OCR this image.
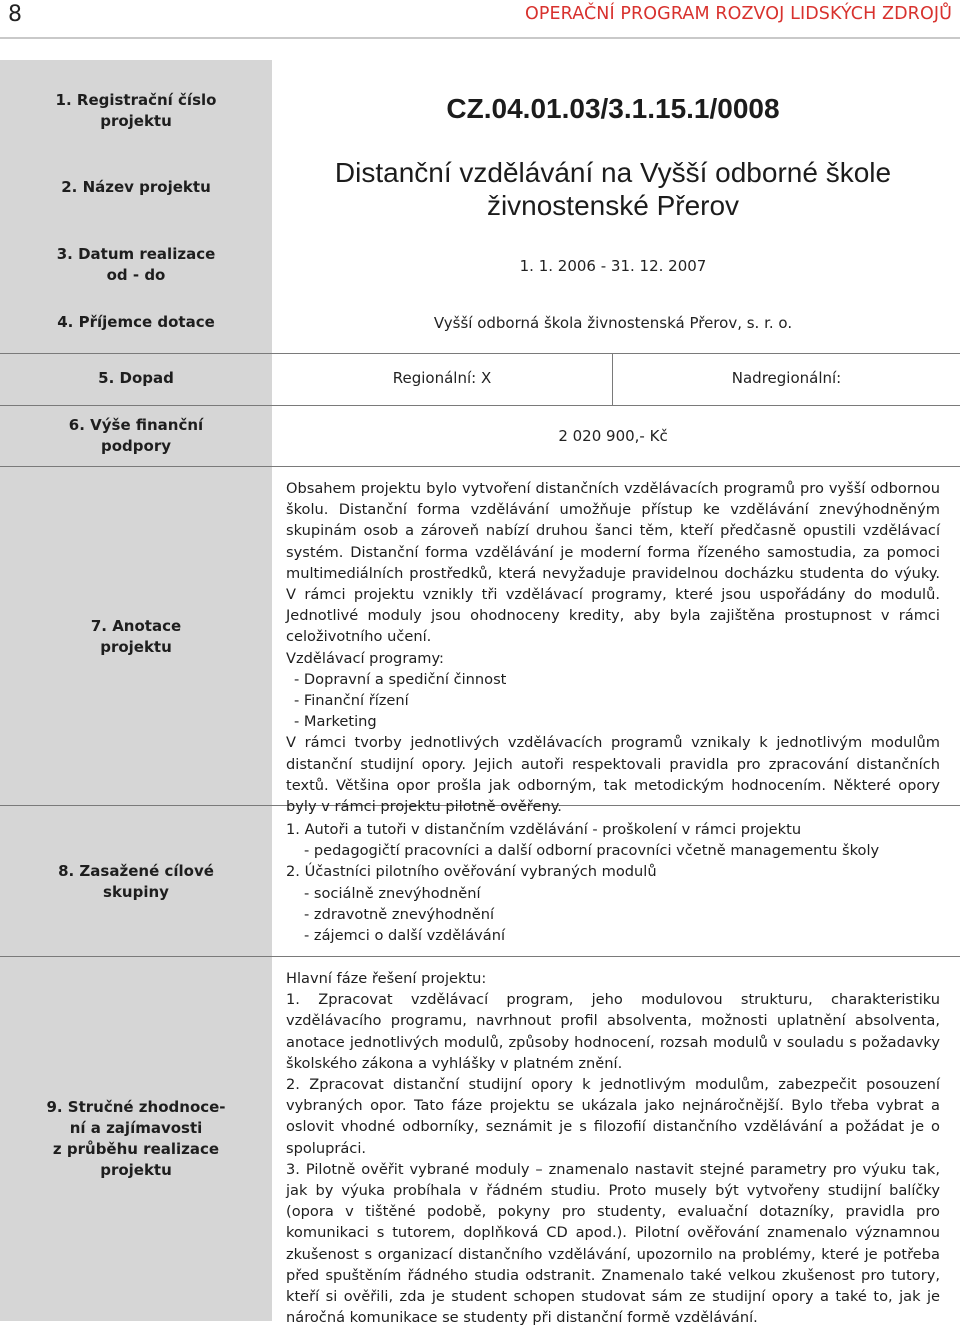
8	OPERAČNÍ PROGRAM ROZVOJ LIDSKÝCH ZDROJŮ
1. Registrační číslo
projektu
2. Název projektu
3. Datum realizace
od - do
4. Příjemce dotace
5. Dopad
6. Výše finanční
podpory
7. Anotace
projektu
8. Zasažené cílové
skupiny
9. Stručné zhodnoce-
ní a zajímavosti
z průběhu realizace
projektu
CZ.04.01.03/3.1.15.1/0008
Distanční vzdělávání na Vyšší odborné škole
živnostenské Přerov
1. 1. 2006 - 31. 12. 2007
Vyšší odborná škola živnostenská Přerov, s. r. o.
Regionální: X	Nadregionální:
2 020 900,- Kč

Obsahem projektu bylo vytvoření distančních vzdělávacích programů pro vyšší odbornou školu. Distanční forma vzdělávání umožňuje přístup ke vzdělávání znevýhodněným skupinám osob a zároveň nabízí druhou šanci těm, kteří předčasně opustili vzdělávací systém. Distanční forma vzdělávání je moderní forma řízeného samostudia, za pomoci multimediálních prostředků, která nevyžaduje pravidelnou docházku studenta do výuky. V rámci projektu vznikly tři vzdělávací programy, které jsou uspořádány do modulů. Jednotlivé moduly jsou ohodnoceny kredity, aby byla zajištěna prostupnost v rámci celoživotního učení.

Vzdělávací programy:

- Dopravní a spediční činnost

- Finanční řízení

- Marketing

V rámci tvorby jednotlivých vzdělávacích programů vznikaly k jednotlivým modulům distanční studijní opory. Jejich autoři respektovali pravidla pro zpracování distančních textů. Většina opor prošla jak odborným, tak metodickým hodnocením. Některé opory byly v rámci projektu pilotně ověřeny.

1. Autoři a tutoři v distančním vzdělávání - proškolení v rámci projektu

- pedagogičtí pracovníci a další odborní pracovníci včetně managementu školy

2. Účastníci pilotního ověřování vybraných modulů

- sociálně znevýhodnění

- zdravotně znevýhodnění

- zájemci o další vzdělávání

Hlavní fáze řešení projektu:

1. Zpracovat vzdělávací program, jeho modulovou strukturu, charakteristiku vzdělávacího programu, navrhnout profil absolventa, možnosti uplatnění absolventa, anotace jednotlivých modulů, způsoby hodnocení, rozsah modulů v souladu s požadavky školského zákona a vyhlášky v platném znění.

2. Zpracovat distanční studijní opory k jednotlivým modulům, zabezpečit posouzení vybraných opor. Tato fáze projektu se ukázala jako nejnáročnější. Bylo třeba vybrat a oslovit vhodné odborníky, seznámit je s filozofií distančního vzdělávání a požádat je o spolupráci.

3. Pilotně ověřit vybrané moduly – znamenalo nastavit stejné parametry pro výuku tak, jak by výuka probíhala v řádném studiu. Proto musely být vytvořeny studijní balíčky (opora v tištěné podobě, pokyny pro studenty, evaluační dotazníky, pravidla pro komunikaci s tutorem, doplňková CD apod.). Pilotní ověřování znamenalo významnou zkušenost s organizací distančního vzdělávání, upozornilo na problémy, které je potřeba před spuštěním řádného studia odstranit. Znamenalo také velkou zkušenost pro tutory, kteří si ověřili, zda je student schopen studovat sám ze studijní opory a také to, jak je náročná komunikace se studenty při distanční formě vzdělávání.
